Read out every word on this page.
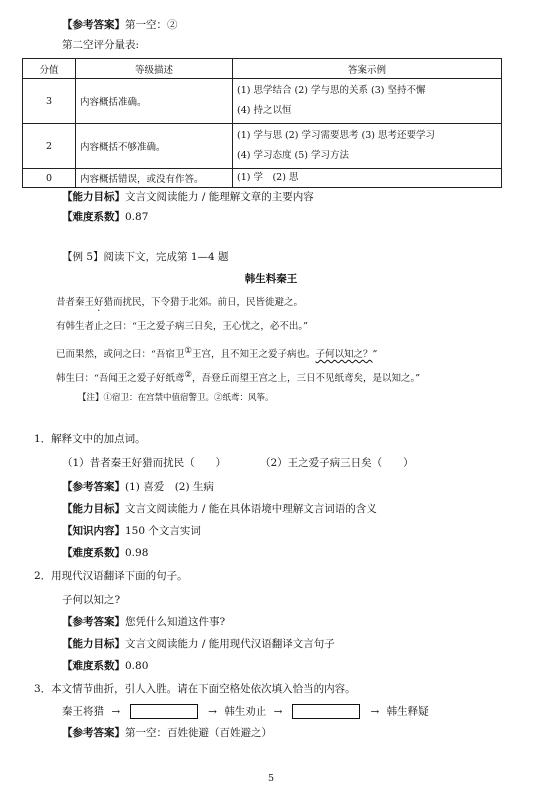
【参考答案】第一空：②
第二空评分量表:
分值	等级描述	答案示例
3	内容概括准确。	(1) 思学结合 (2) 学与思的关系 (3) 坚持不懈
(4) 持之以恒

2	内容概括不够准确。	(1) 学与思 (2) 学习需要思考 (3) 思考还要学习
(4) 学习态度 (5) 学习方法

0	内容概括错误，或没有作答。	(1) 学　(2) 思
【能力目标】文言文阅读能力 / 能理解文章的主要内容
【难度系数】0.87
【例 5】阅读下文，完成第 1—4 题
韩生料秦王
昔者秦王好猎而扰民，下令猎于北郊。前日，民皆徙避之。
有韩生者止之曰：“王之爱子病三日矣，王心忧之，必不出。”
已而果然，或问之曰：“吾宿卫①王宫，且不知王之爱子病也。子何以知之？”
韩生曰：“吾闻王之爱子好纸鸢②，吾登丘而望王宫之上，三日不见纸鸢矣，是以知之。”
【注】①宿卫：在宫禁中值宿警卫。②纸鸢：风筝。
1．解释文中的加点词。
（1）昔者秦王好猎而扰民（　　）	（2）王之爱子病三日矣（　　）
【参考答案】(1) 喜爱　(2) 生病
【能力目标】文言文阅读能力 / 能在具体语境中理解文言词语的含义
【知识内容】150 个文言实词
【难度系数】0.98
2．用现代汉语翻译下面的句子。
子何以知之?
【参考答案】您凭什么知道这件事?
【能力目标】文言文阅读能力 / 能用现代汉语翻译文言句子
【难度系数】0.80
3．本文情节曲折，引人入胜。请在下面空格处依次填入恰当的内容。
秦王将猎 →	→ 韩生劝止 →	→ 韩生释疑
【参考答案】第一空：百姓徙避（百姓避之）
5
